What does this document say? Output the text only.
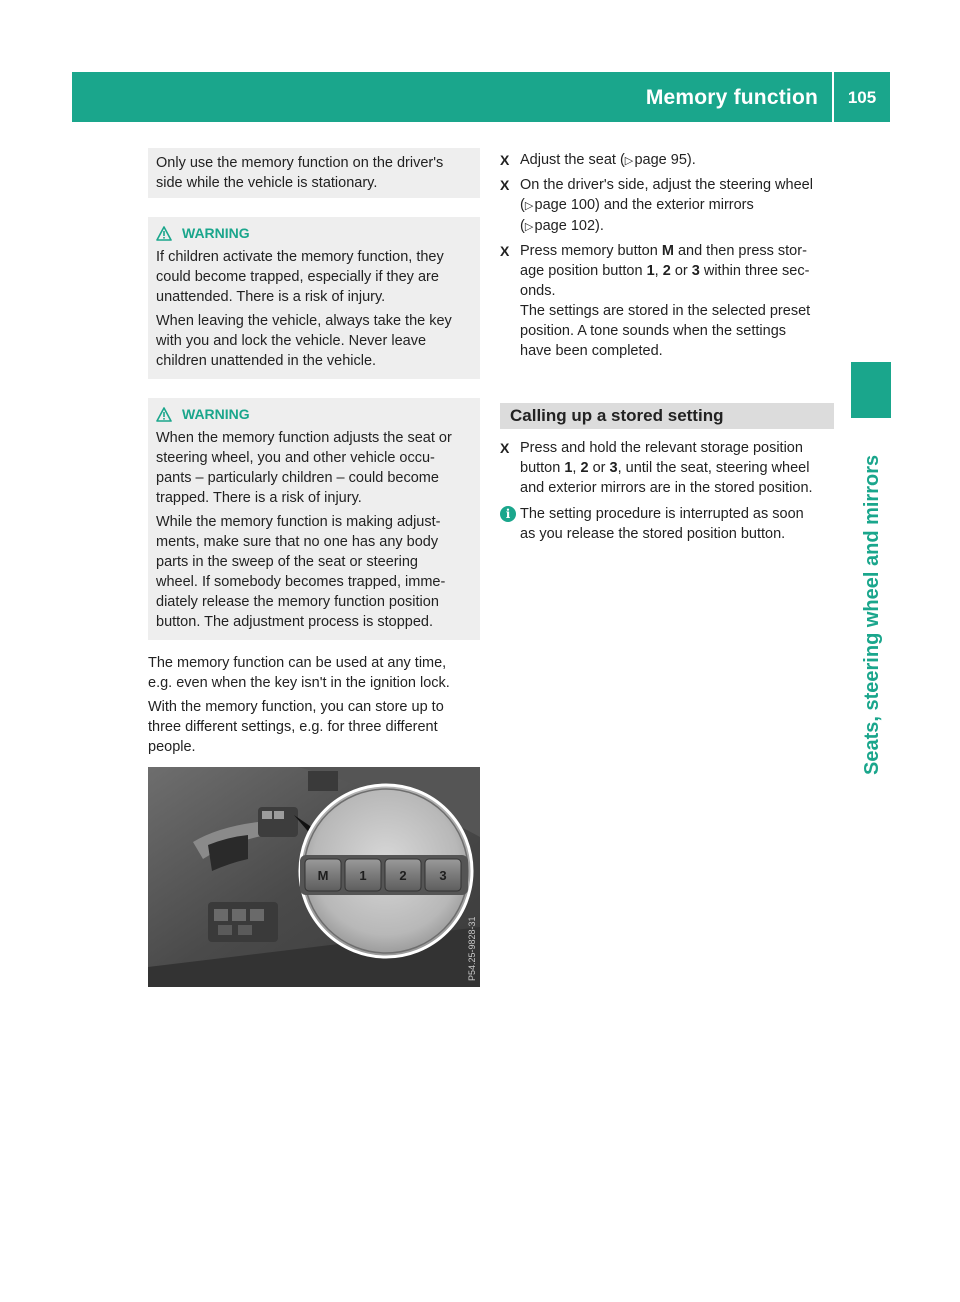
Memory function	105
Seats, steering wheel and mirrors
Only use the memory function on the driver's
side while the vehicle is stationary.
WARNING
If children activate the memory function, they
could become trapped, especially if they are
unattended. There is a risk of injury.
When leaving the vehicle, always take the key
with you and lock the vehicle. Never leave
children unattended in the vehicle.
WARNING
When the memory function adjusts the seat or
steering wheel, you and other vehicle occu-
pants – particularly children – could become
trapped. There is a risk of injury.
While the memory function is making adjust-
ments, make sure that no one has any body
parts in the sweep of the seat or steering
wheel. If somebody becomes trapped, imme-
diately release the memory function position
button. The adjustment process is stopped.
The memory function can be used at any time,
e.g. even when the key isn't in the ignition lock.
With the memory function, you can store up to
three different settings, e.g. for three different
people.
M 1	2	3
P54.25-9828-31
X Adjust the seat (▷ page 95).
X On the driver's side, adjust the steering wheel
(▷ page 100) and the exterior mirrors
(▷ page 102).
X Press memory button M and then press stor-
age position button 1, 2 or 3 within three sec-
onds.
The settings are stored in the selected preset
position. A tone sounds when the settings
have been completed.
Calling up a stored setting
X Press and hold the relevant storage position
button 1, 2 or 3, until the seat, steering wheel
and exterior mirrors are in the stored position.
i The setting procedure is interrupted as soon
as you release the stored position button.
